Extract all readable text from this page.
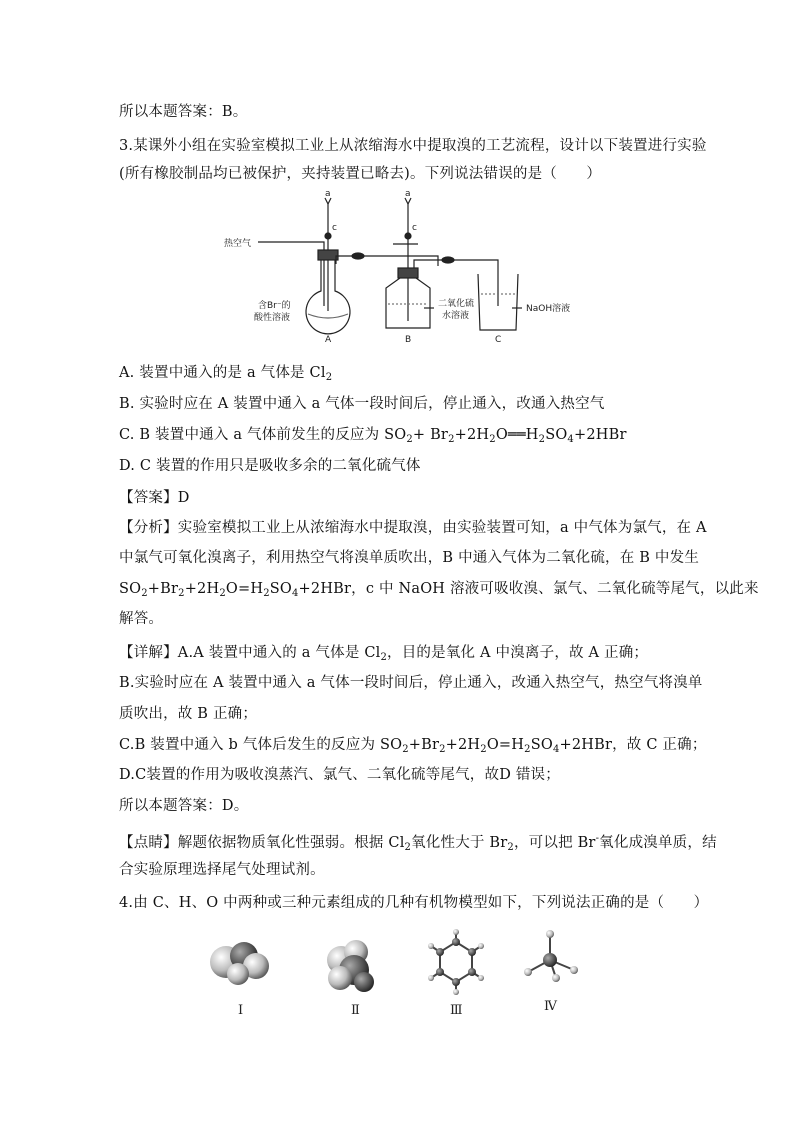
所以本题答案：B。
3.某课外小组在实验室模拟工业上从浓缩海水中提取溴的工艺流程，设计以下装置进行实验
(所有橡胶制品均已被保护，夹持装置已略去)。下列说法错误的是（　　）
a	a
c	c
热空气
含Br⁻的
酸性溶液
二氧化硫
水溶液
NaOH溶液
A	B	C
A. 装置中通入的是 a 气体是 $Cl_2$
B. 实验时应在 A 装置中通入 a 气体一段时间后，停止通入，改通入热空气
C. B 装置中通入 a 气体前发生的反应为 $SO_2+$ $Br_2+2H_2O══H_2SO_4+2HBr$
D. C 装置的作用只是吸收多余的二氧化硫气体
【答案】D
【分析】实验室模拟工业上从浓缩海水中提取溴，由实验装置可知，a 中气体为氯气，在 A
中氯气可氧化溴离子，利用热空气将溴单质吹出，B 中通入气体为二氧化硫，在 B 中发生
$SO_2+Br_2+2H_2O=H_2SO_4+2HBr$，c 中 NaOH 溶液可吸收溴、氯气、二氧化硫等尾气，以此来
解答。
【详解】A.A 装置中通入的 a 气体是 $Cl_2$，目的是氧化 A 中溴离子，故 A 正确；
B.实验时应在 A 装置中通入 a 气体一段时间后，停止通入，改通入热空气，热空气将溴单
质吹出，故 B 正确；
C.B 装置中通入 b 气体后发生的反应为 $SO_2+Br_2+2H_2O=H_2SO_4+2HBr$，故 C 正确；
D.C装置的作用为吸收溴蒸汽、氯气、二氧化硫等尾气，故D 错误；
所以本题答案：D。
【点睛】解题依据物质氧化性强弱。根据 $Cl_2$氧化性大于 $Br_2$，可以把 Br-氧化成溴单质，结
合实验原理选择尾气处理试剂。
4.由 C、H、O 中两种或三种元素组成的几种有机物模型如下，下列说法正确的是（　　）
Ⅰ	Ⅱ	Ⅲ	Ⅳ
